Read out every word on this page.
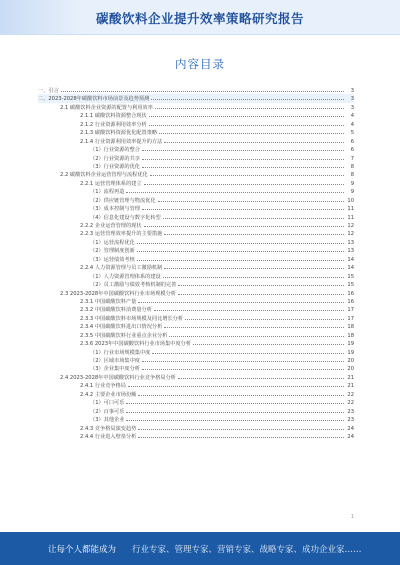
碳酸饮料企业提升效率策略研究报告
内容目录
一、引言	3
二、2023-2028年碳酸饮料市场前景及趋势预测	3
2.1 碳酸饮料企业资源的配置与利用效率	3
2.1.1 碳酸饮料资源整合现状	4
2.1.2 行业资源利用效率分析	4
2.1.3 碳酸饮料资源优化配置策略	5
2.1.4 行业资源利用效率提升的方法	6
（1）行业资源的整合	6
（2）行业资源的共享	7
（3）行业资源的优化	8
2.2 碳酸饮料企业运营管理与流程优化	8
2.2.1 运营管理体系的建立	9
（1）流程再造	9
（2）供应链管理与物流优化	10
（3）成本控制与管理	11
（4）信息化建设与数字化转型	11
2.2.2 企业运营管理的现状	12
2.2.3 运营管理效率提升的主要措施	12
（1）运营流程优化	13
（2）管理制度创新	13
（3）运营绩效考核	14
2.2.4 人力资源管理与员工激励机制	14
（1）人力资源管理体系的建设	15
（2）员工激励与绩效考核机制的完善	15
2.3 2023-2028年中国碳酸饮料行业市场规模分析	16
2.3.1 中国碳酸饮料产量	16
2.3.2 中国碳酸饮料消费量分析	17
2.3.3 中国碳酸饮料市场规模及同比增长分析	17
2.3.4 中国碳酸饮料进出口情况分析	18
2.3.5 中国碳酸饮料行业重点企业分析	18
2.3.6 2023年中国碳酸饮料行业市场集中度分析	19
（1）行业市场规模集中度	19
（2）区域市场集中度	20
（3）企业集中度分析	20
2.4 2023-2028年中国碳酸饮料行业竞争格局分析	21
2.4.1 行业竞争格局	21
2.4.2 主要企业市场份额	22
（1）可口可乐	22
（2）百事可乐	23
（3）其他企业	23
2.4.3 竞争格局演变趋势	24
2.4.4 行业进入壁垒分析	24
1
让每个人都能成为 行业专家、管理专家、营销专家、战略专家、成功企业家……
